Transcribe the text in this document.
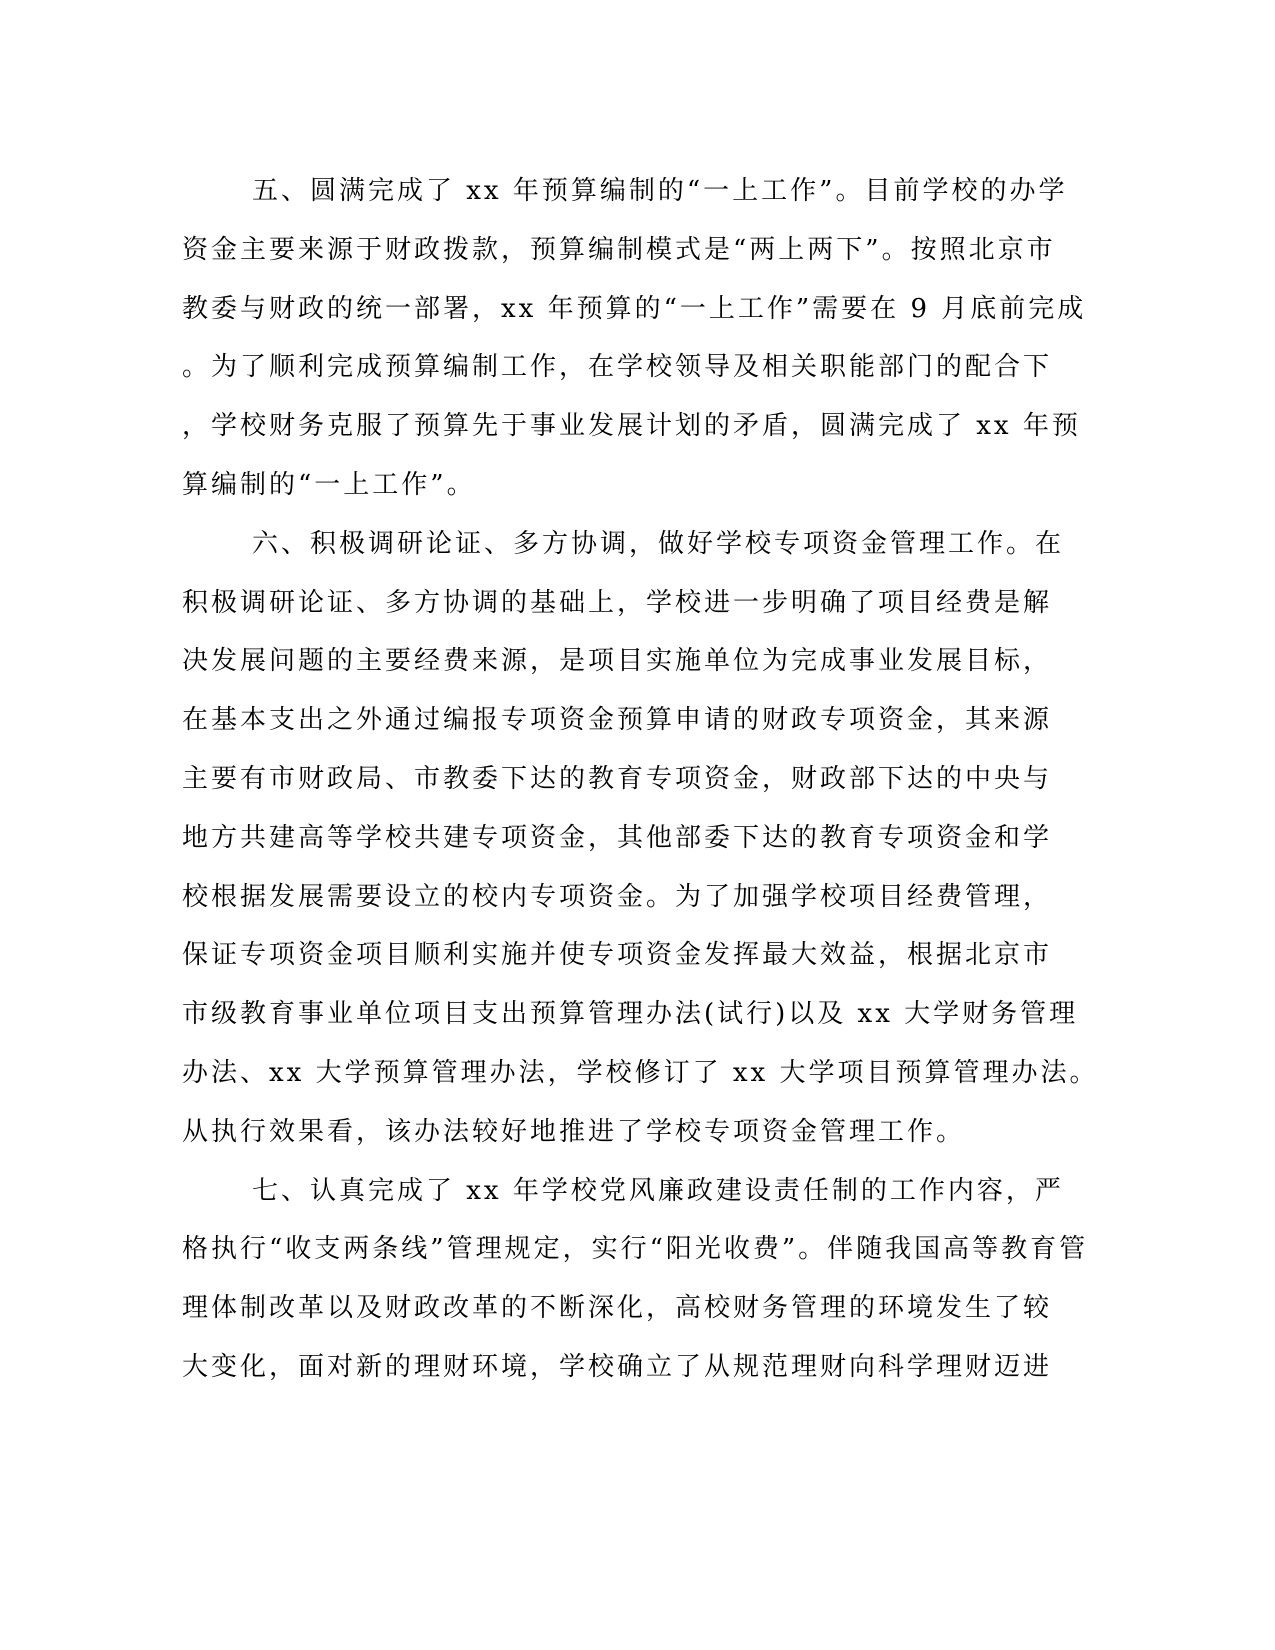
五、圆满完成了 xx 年预算编制的“一上工作”。目前学校的办学
资金主要来源于财政拨款，预算编制模式是“两上两下”。按照北京市
教委与财政的统一部署，xx 年预算的“一上工作”需要在 9 月底前完成
。为了顺利完成预算编制工作，在学校领导及相关职能部门的配合下
，学校财务克服了预算先于事业发展计划的矛盾，圆满完成了 xx 年预
算编制的“一上工作”。
六、积极调研论证、多方协调，做好学校专项资金管理工作。在
积极调研论证、多方协调的基础上，学校进一步明确了项目经费是解
决发展问题的主要经费来源，是项目实施单位为完成事业发展目标，
在基本支出之外通过编报专项资金预算申请的财政专项资金，其来源
主要有市财政局、市教委下达的教育专项资金，财政部下达的中央与
地方共建高等学校共建专项资金，其他部委下达的教育专项资金和学
校根据发展需要设立的校内专项资金。为了加强学校项目经费管理，
保证专项资金项目顺利实施并使专项资金发挥最大效益，根据北京市
市级教育事业单位项目支出预算管理办法(试行)以及 xx 大学财务管理
办法、xx 大学预算管理办法，学校修订了 xx 大学项目预算管理办法。
从执行效果看，该办法较好地推进了学校专项资金管理工作。
七、认真完成了 xx 年学校党风廉政建设责任制的工作内容，严
格执行“收支两条线”管理规定，实行“阳光收费”。伴随我国高等教育管
理体制改革以及财政改革的不断深化，高校财务管理的环境发生了较
大变化，面对新的理财环境，学校确立了从规范理财向科学理财迈进
